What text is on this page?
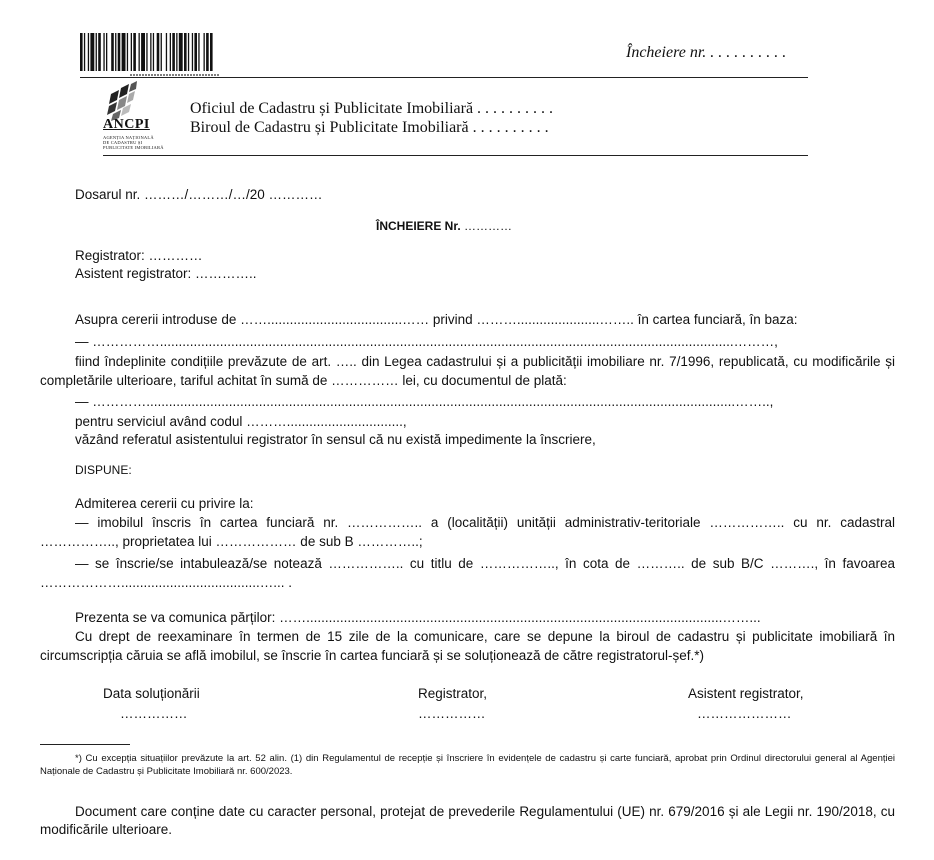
Încheiere nr. . . . . . . . . . .
ANCPI
AGENȚIA NAȚIONALĂ
DE CADASTRU ȘI
PUBLICITATE IMOBILIARĂ
Oficiul de Cadastru și Publicitate Imobiliară . . . . . . . . . .
Biroul de Cadastru și Publicitate Imobiliară . . . . . . . . . .
Dosarul nr. ………/………/…/20 …………
ÎNCHEIERE Nr. …………
Registrator: …………
Asistent registrator: …………..
Asupra cererii introduse de ……....................................…… privind ………......................…….. în cartea funciară, în baza:
— …………….........................................................................................................................................................………,
fiind îndeplinite condițiile prevăzute de art. ….. din Legea cadastrului și a publicității imobiliare nr. 7/1996, republicată, cu modificările și completările ulterioare, tariful achitat în sumă de …………… lei, cu documentul de plată:
— ………….............................................................................................................................................................……..,
pentru serviciul având codul ………...............................,
văzând referatul asistentului registrator în sensul că nu există impedimente la înscriere,
DISPUNE:
Admiterea cererii cu privire la:
— imobilul înscris în cartea funciară nr. …………….. a (localității) unității administrativ-teritoriale …………….. cu nr. cadastral …………….., proprietatea lui ……………… de sub B …………..;
— se înscrie/se intabulează/se notează …………….. cu titlu de …………….., în cota de ……….. de sub B/C ………., în favoarea ……………….....................................…... .
Prezenta se va comunica părților: ……...............................................................................................................……...
Cu drept de reexaminare în termen de 15 zile de la comunicare, care se depune la biroul de cadastru și publicitate imobiliară în circumscripția căruia se află imobilul, se înscrie în cartea funciară și se soluționează de către registratorul-șef.*)
Data soluționării
……………
Registrator,
……………
Asistent registrator,
…………………
*) Cu excepția situațiilor prevăzute la art. 52 alin. (1) din Regulamentul de recepție și înscriere în evidențele de cadastru și carte funciară, aprobat prin Ordinul directorului general al Agenției Naționale de Cadastru și Publicitate Imobiliară nr. 600/2023.
Document care conține date cu caracter personal, protejat de prevederile Regulamentului (UE) nr. 679/2016 și ale Legii nr. 190/2018, cu modificările ulterioare.
